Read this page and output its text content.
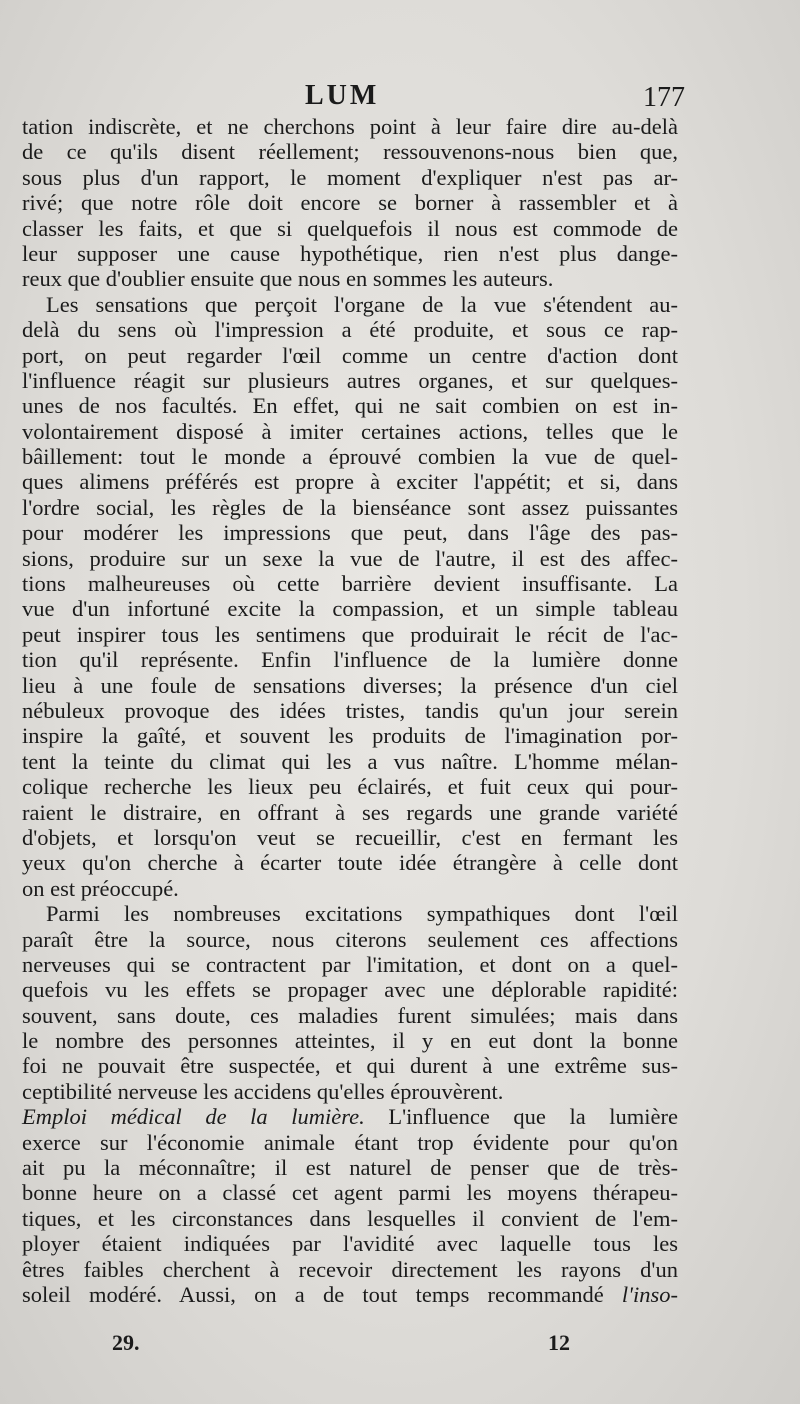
LUM	177
tation indiscrète, et ne cherchons point à leur faire dire au-delà
de ce qu'ils disent réellement; ressouvenons-nous bien que,
sous plus d'un rapport, le moment d'expliquer n'est pas ar-
rivé; que notre rôle doit encore se borner à rassembler et à
classer les faits, et que si quelquefois il nous est commode de
leur supposer une cause hypothétique, rien n'est plus dange-
reux que d'oublier ensuite que nous en sommes les auteurs.
Les sensations que perçoit l'organe de la vue s'étendent au-
delà du sens où l'impression a été produite, et sous ce rap-
port, on peut regarder l'œil comme un centre d'action dont
l'influence réagit sur plusieurs autres organes, et sur quelques-
unes de nos facultés. En effet, qui ne sait combien on est in-
volontairement disposé à imiter certaines actions, telles que le
bâillement: tout le monde a éprouvé combien la vue de quel-
ques alimens préférés est propre à exciter l'appétit; et si, dans
l'ordre social, les règles de la bienséance sont assez puissantes
pour modérer les impressions que peut, dans l'âge des pas-
sions, produire sur un sexe la vue de l'autre, il est des affec-
tions malheureuses où cette barrière devient insuffisante. La
vue d'un infortuné excite la compassion, et un simple tableau
peut inspirer tous les sentimens que produirait le récit de l'ac-
tion qu'il représente. Enfin l'influence de la lumière donne
lieu à une foule de sensations diverses; la présence d'un ciel
nébuleux provoque des idées tristes, tandis qu'un jour serein
inspire la gaîté, et souvent les produits de l'imagination por-
tent la teinte du climat qui les a vus naître. L'homme mélan-
colique recherche les lieux peu éclairés, et fuit ceux qui pour-
raient le distraire, en offrant à ses regards une grande variété
d'objets, et lorsqu'on veut se recueillir, c'est en fermant les
yeux qu'on cherche à écarter toute idée étrangère à celle dont
on est préoccupé.
Parmi les nombreuses excitations sympathiques dont l'œil
paraît être la source, nous citerons seulement ces affections
nerveuses qui se contractent par l'imitation, et dont on a quel-
quefois vu les effets se propager avec une déplorable rapidité:
souvent, sans doute, ces maladies furent simulées; mais dans
le nombre des personnes atteintes, il y en eut dont la bonne
foi ne pouvait être suspectée, et qui durent à une extrême sus-
ceptibilité nerveuse les accidens qu'elles éprouvèrent.
Emploi médical de la lumière. L'influence que la lumière
exerce sur l'économie animale étant trop évidente pour qu'on
ait pu la méconnaître; il est naturel de penser que de très-
bonne heure on a classé cet agent parmi les moyens thérapeu-
tiques, et les circonstances dans lesquelles il convient de l'em-
ployer étaient indiquées par l'avidité avec laquelle tous les
êtres faibles cherchent à recevoir directement les rayons d'un
soleil modéré. Aussi, on a de tout temps recommandé l'inso-
29.	12
